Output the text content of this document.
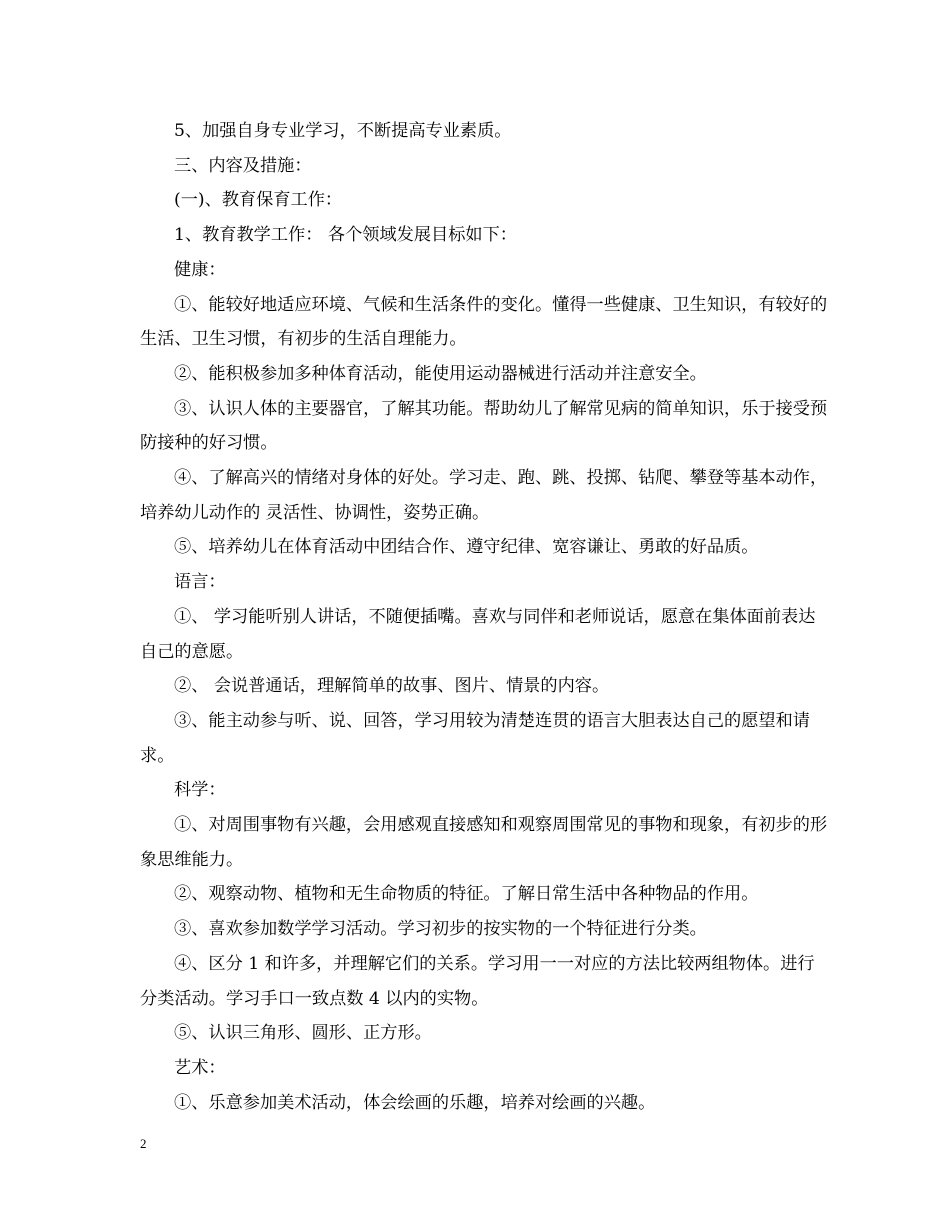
5、加强自身专业学习，不断提高专业素质。

三、内容及措施：

(一)、教育保育工作：

1、教育教学工作： 各个领域发展目标如下：

健康：

①、能较好地适应环境、气候和生活条件的变化。懂得一些健康、卫生知识，有较好的生活、卫生习惯，有初步的生活自理能力。

②、能积极参加多种体育活动，能使用运动器械进行活动并注意安全。

③、认识人体的主要器官，了解其功能。帮助幼儿了解常见病的简单知识，乐于接受预防接种的好习惯。

④、了解高兴的情绪对身体的好处。学习走、跑、跳、投掷、钻爬、攀登等基本动作，培养幼儿动作的 灵活性、协调性，姿势正确。

⑤、培养幼儿在体育活动中团结合作、遵守纪律、宽容谦让、勇敢的好品质。

语言：

①、 学习能听别人讲话，不随便插嘴。喜欢与同伴和老师说话，愿意在集体面前表达自己的意愿。

②、 会说普通话，理解简单的故事、图片、情景的内容。

③、能主动参与听、说、回答，学习用较为清楚连贯的语言大胆表达自己的愿望和请求。

科学：

①、对周围事物有兴趣，会用感观直接感知和观察周围常见的事物和现象，有初步的形象思维能力。

②、观察动物、植物和无生命物质的特征。了解日常生活中各种物品的作用。

③、喜欢参加数学学习活动。学习初步的按实物的一个特征进行分类。

④、区分 1 和许多，并理解它们的关系。学习用一一对应的方法比较两组物体。进行分类活动。学习手口一致点数 4 以内的实物。

⑤、认识三角形、圆形、正方形。

艺术：

①、乐意参加美术活动，体会绘画的乐趣，培养对绘画的兴趣。

2
